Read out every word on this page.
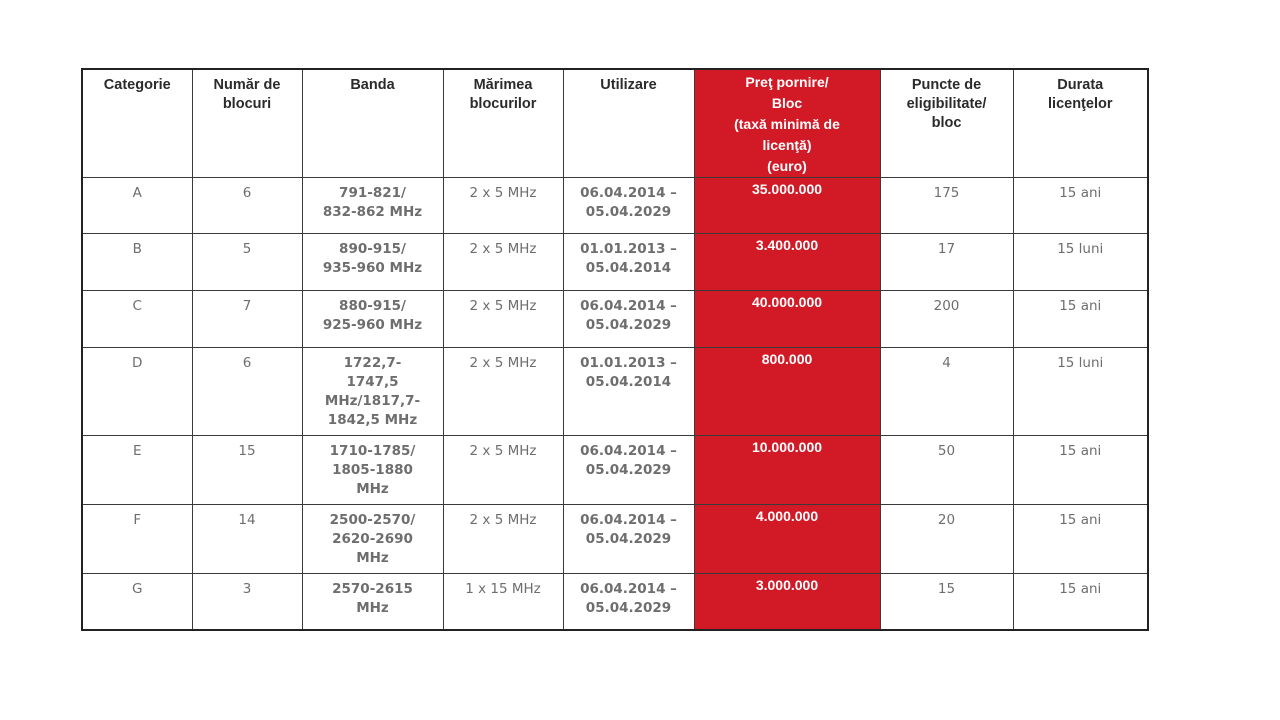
Categorie	Număr de
blocuri	Banda	Mărimea
blocurilor	Utilizare	Preţ pornire/
Bloc
(taxă minimă de
licenţă)
(euro)	Puncte de
eligibilitate/
bloc	Durata
licenţelor

A	6	791-821/
832-862 MHz	2 x 5 MHz	06.04.2014 –
05.04.2029	35.000.000	175	15 ani

B	5	890-915/
935-960 MHz	2 x 5 MHz	01.01.2013 –
05.04.2014	3.400.000	17	15 luni

C	7	880-915/
925-960 MHz	2 x 5 MHz	06.04.2014 –
05.04.2029	40.000.000	200	15 ani

D	6	1722,7-
1747,5
MHz/1817,7-
1842,5 MHz	2 x 5 MHz	01.01.2013 –
05.04.2014	800.000	4	15 luni

E	15	1710-1785/
1805-1880
MHz	2 x 5 MHz	06.04.2014 –
05.04.2029	10.000.000	50	15 ani

F	14	2500-2570/
2620-2690
MHz	2 x 5 MHz	06.04.2014 –
05.04.2029	4.000.000	20	15 ani

G	3	2570-2615
MHz	1 x 15 MHz	06.04.2014 –
05.04.2029	3.000.000	15	15 ani
